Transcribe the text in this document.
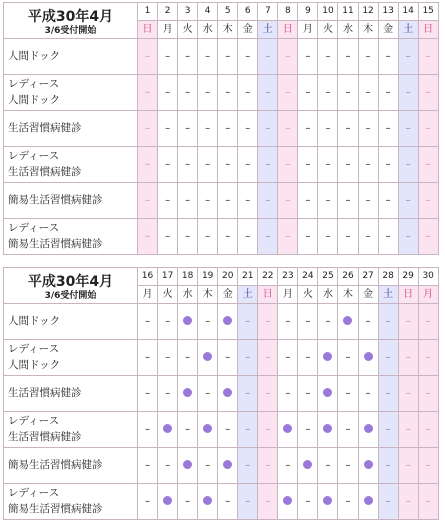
平成30年4月
3/6受付開始	1	2	3	4	5	6	7	8	9	10	11	12	13	14	15
	日	月	火	水	木	金	土	日	月	火	水	木	金	土	日

人間ドック	–	–	–	–	–	–	–	–	–	–	–	–	–	–	–

レディース
人間ドック	–	–	–	–	–	–	–	–	–	–	–	–	–	–	–

生活習慣病健診	–	–	–	–	–	–	–	–	–	–	–	–	–	–	–

レディース
生活習慣病健診	–	–	–	–	–	–	–	–	–	–	–	–	–	–	–

簡易生活習慣病健診	–	–	–	–	–	–	–	–	–	–	–	–	–	–	–

レディース
簡易生活習慣病健診	–	–	–	–	–	–	–	–	–	–	–	–	–	–	–
平成30年4月
3/6受付開始	16	17	18	19	20	21	22	23	24	25	26	27	28	29	30
	月	火	水	木	金	土	日	月	火	水	木	金	土	日	月

人間ドック	–	–		–		–	–	–	–	–		–	–	–	–

レディース
人間ドック	–	–	–		–	–	–	–	–		–		–	–	–

生活習慣病健診	–	–		–		–	–	–	–		–	–	–	–	–

レディース
生活習慣病健診	–		–		–	–	–		–		–		–	–	–

簡易生活習慣病健診	–	–		–		–	–	–		–	–		–	–	–

レディース
簡易生活習慣病健診	–		–		–	–	–		–		–		–	–	–
